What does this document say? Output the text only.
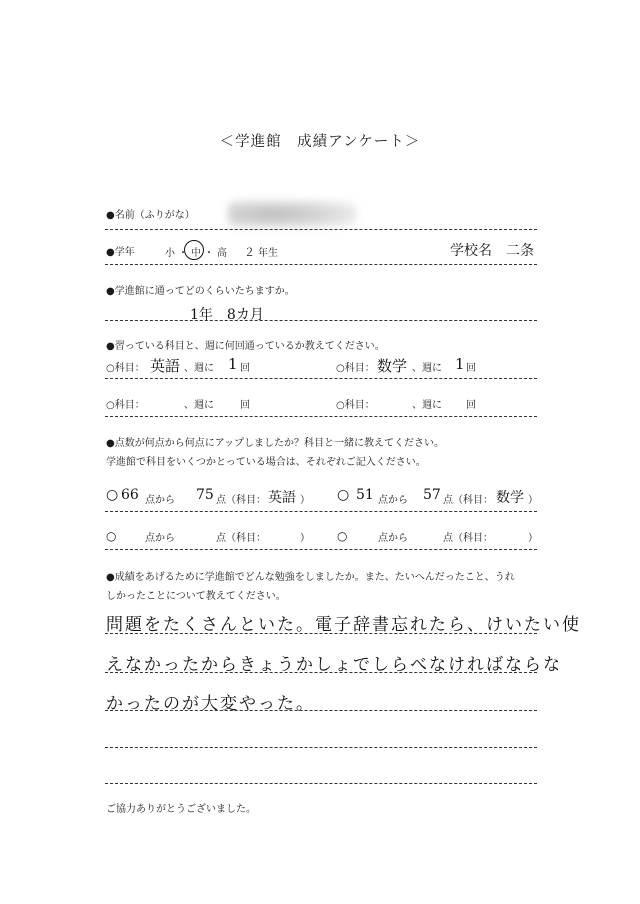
＜学進館　成績アンケート＞
●名前（ふりがな）
●学年	小・中・高 ２ 年生	学校名　二条
●学進館に通ってどのくらいたちますか。
1年　8カ月
●習っている科目と、週に何回通っているか教えてください。
○科目： 英語 、週に 1 回	○科目： 数学 、週に 1 回
○科目：	、週に	回	○科目：	、週に 回
●点数が何点から何点にアップしましたか？科目と一緒に教えてください。
学進館で科目をいくつかとっている場合は、それぞれご記入ください。
○ 66 点から 75 点（科目： 英語 ） ○ 51 点から 57 点（科目： 数学 ）
○	点から	点（科目：	） ○	点から	点（科目：	）
●成績をあげるために学進館でどんな勉強をしましたか。また、たいへんだったこと、うれ
しかったことについて教えてください。
問題をたくさんといた。電子辞書忘れたら、けいたい使
えなかったからきょうかしょでしらべなければならな
かったのが大変やった。
ご協力ありがとうございました。
